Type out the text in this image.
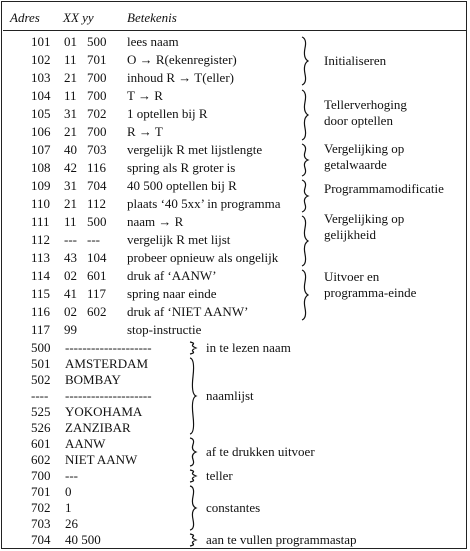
Adres XX yy	Betekenis
101 01 500 lees naam
102 11 701 O → R(ekenregister)
103 21 700 inhoud R → T(eller)
104 11 700 T → R
105 31 702 1 optellen bij R
106 21 700 R → T
107 40 703 vergelijk R met lijstlengte
108 42 116 spring als R groter is
109 31 704 40 500 optellen bij R
110 21 112 plaats ‘40 5xx’ in programma
111 11 500 naam → R
112 --- --- vergelijk R met lijst
113 43 104 probeer opnieuw als ongelijk
114 02 601 druk af ‘AANW’
115 41 117 spring naar einde
116 02 602 druk af ‘NIET AANW’
117 99	stop-instructie
Initialiseren
Tellerverhoging
door optellen
Vergelijking op
getalwaarde
Programmamodificatie
Vergelijking op
gelijkheid
Uitvoer en
programma-einde
500 --------------------
501 AMSTERDAM
502 BOMBAY
---- --------------------
525 YOKOHAMA
526 ZANZIBAR
601 AANW
602 NIET AANW
700 ---
701 0
702 1
703 26
704 40 500
in te lezen naam
naamlijst
af te drukken uitvoer
teller
constantes
aan te vullen programmastap
